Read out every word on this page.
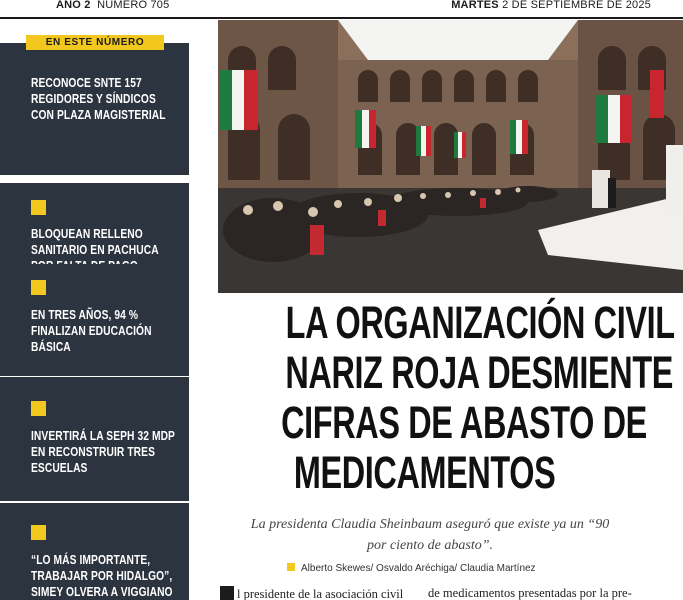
AÑO 2 NÚMERO 705	MARTES 2 DE SEPTIEMBRE DE 2025
EN ESTE NÚMERO
RECONOCE SNTE 157 REGIDORES Y SÍNDICOS CON PLAZA MAGISTERIAL
BLOQUEAN RELLENO SANITARIO EN PACHUCA
EN TRES AÑOS, 94 % FINALIZAN EDUCACIÓN BÁSICA
INVERTIRÁ LA SEPH 32 MDP EN RECONSTRUIR TRES ESCUELAS
“LO MÁS IMPORTANTE, TRABAJAR POR HIDALGO”, SIMEY OLVERA A VIGGIANO
LA ORGANIZACIÓN CIVIL
NARIZ ROJA DESMIENTE
CIFRAS DE ABASTO DE
MEDICAMENTOS

La presidenta Claudia Sheinbaum aseguró que existe ya un “90 por ciento de abasto”.

Alberto Skewes/ Osvaldo Aréchiga/ Claudia Martínez
l presidente de la asociación civil	de medicamentos presentadas por la pre-
